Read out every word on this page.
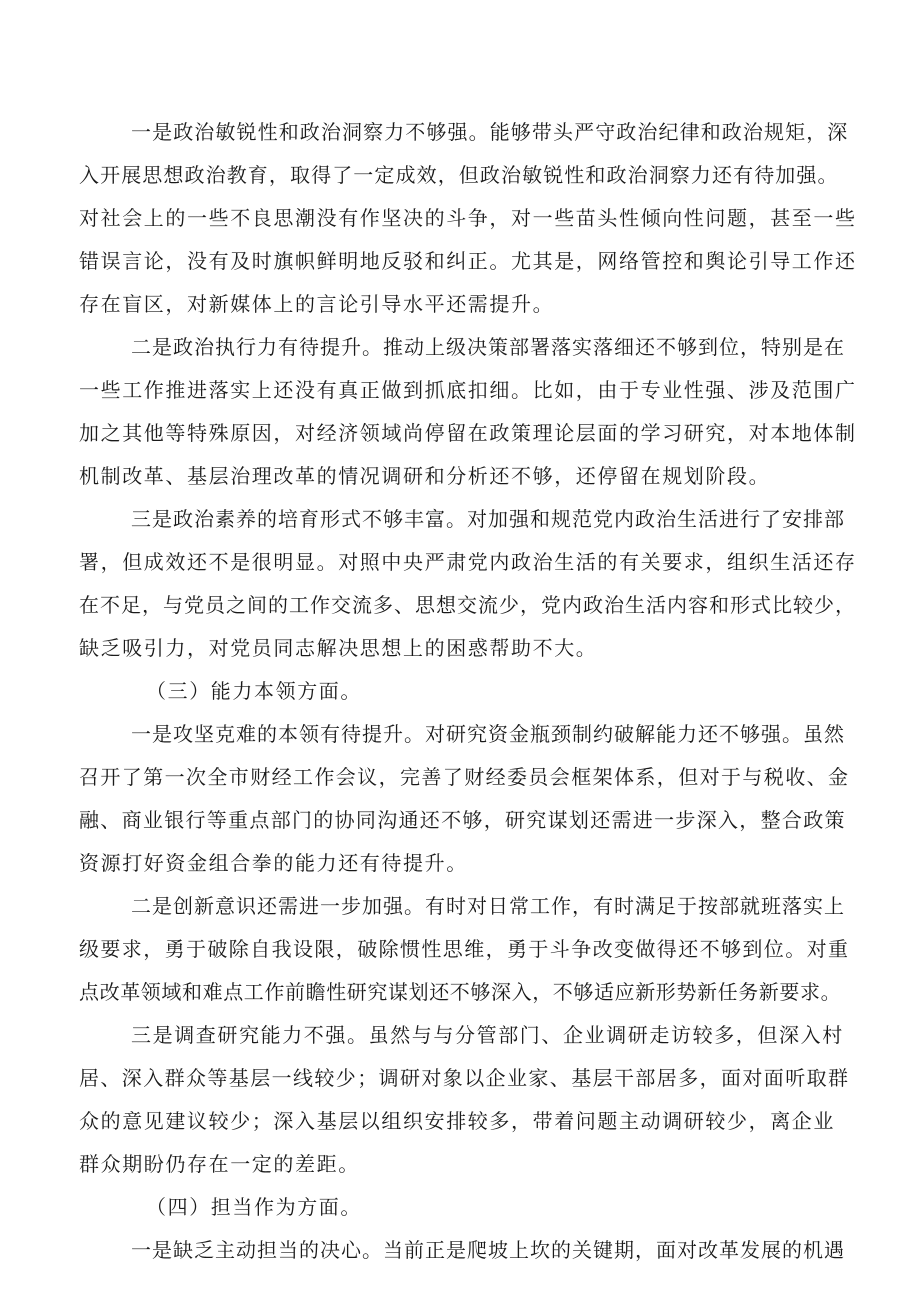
一是政治敏锐性和政治洞察力不够强。能够带头严守政治纪律和政治规矩，深
入开展思想政治教育，取得了一定成效，但政治敏锐性和政治洞察力还有待加强。
对社会上的一些不良思潮没有作坚决的斗争，对一些苗头性倾向性问题，甚至一些
错误言论，没有及时旗帜鲜明地反驳和纠正。尤其是，网络管控和舆论引导工作还
存在盲区，对新媒体上的言论引导水平还需提升。
二是政治执行力有待提升。推动上级决策部署落实落细还不够到位，特别是在
一些工作推进落实上还没有真正做到抓底扣细。比如，由于专业性强、涉及范围广
加之其他等特殊原因，对经济领域尚停留在政策理论层面的学习研究，对本地体制
机制改革、基层治理改革的情况调研和分析还不够，还停留在规划阶段。
三是政治素养的培育形式不够丰富。对加强和规范党内政治生活进行了安排部
署，但成效还不是很明显。对照中央严肃党内政治生活的有关要求，组织生活还存
在不足，与党员之间的工作交流多、思想交流少，党内政治生活内容和形式比较少，
缺乏吸引力，对党员同志解决思想上的困惑帮助不大。
（三）能力本领方面。
一是攻坚克难的本领有待提升。对研究资金瓶颈制约破解能力还不够强。虽然
召开了第一次全市财经工作会议，完善了财经委员会框架体系，但对于与税收、金
融、商业银行等重点部门的协同沟通还不够，研究谋划还需进一步深入，整合政策
资源打好资金组合拳的能力还有待提升。
二是创新意识还需进一步加强。有时对日常工作，有时满足于按部就班落实上
级要求，勇于破除自我设限，破除惯性思维，勇于斗争改变做得还不够到位。对重
点改革领域和难点工作前瞻性研究谋划还不够深入，不够适应新形势新任务新要求。
三是调查研究能力不强。虽然与与分管部门、企业调研走访较多，但深入村
居、深入群众等基层一线较少；调研对象以企业家、基层干部居多，面对面听取群
众的意见建议较少；深入基层以组织安排较多，带着问题主动调研较少，离企业
群众期盼仍存在一定的差距。
（四）担当作为方面。
一是缺乏主动担当的决心。当前正是爬坡上坎的关键期，面对改革发展的机遇
